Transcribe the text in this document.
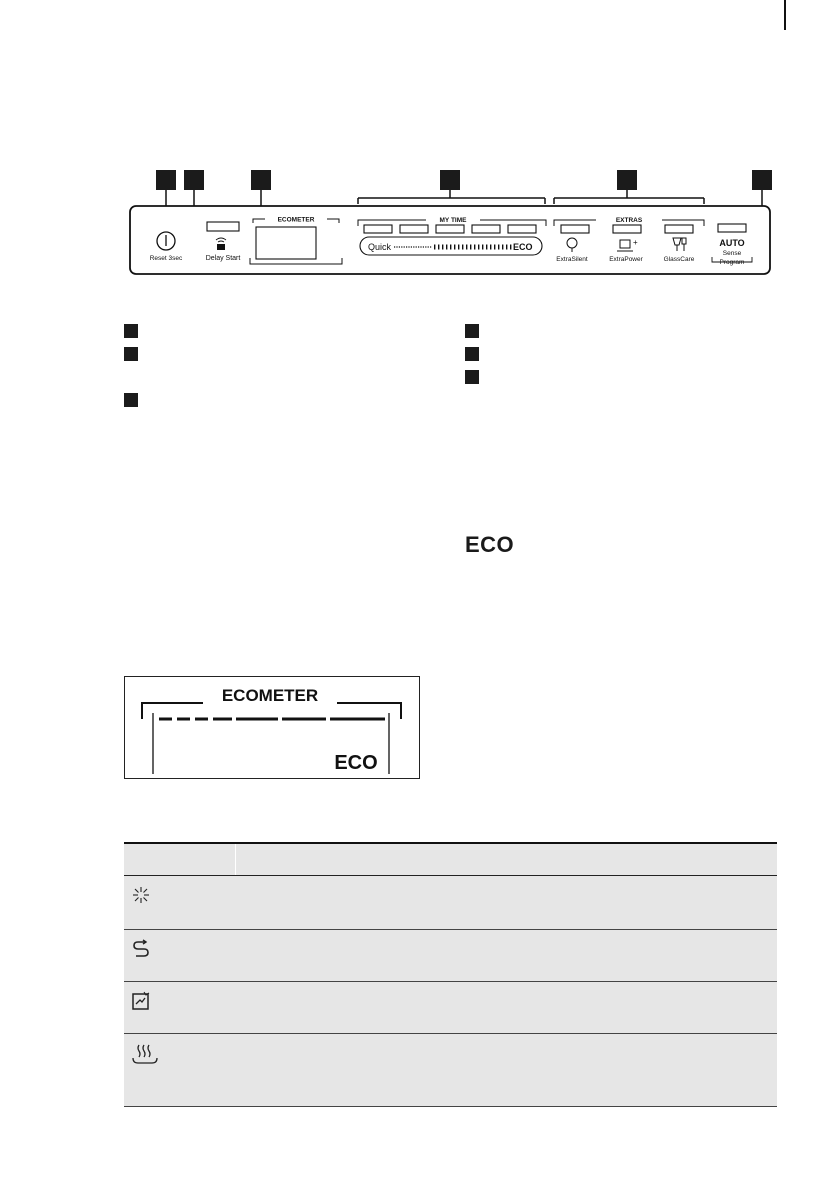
Reset 3sec	Delay Start
ECOMETER	MY TIME
Quick	ECO
EXTRAS
+
ExtraSilent	ExtraPower	GlassCare
AUTO
Sense
Program
ECO
ECOMETER
ECO
